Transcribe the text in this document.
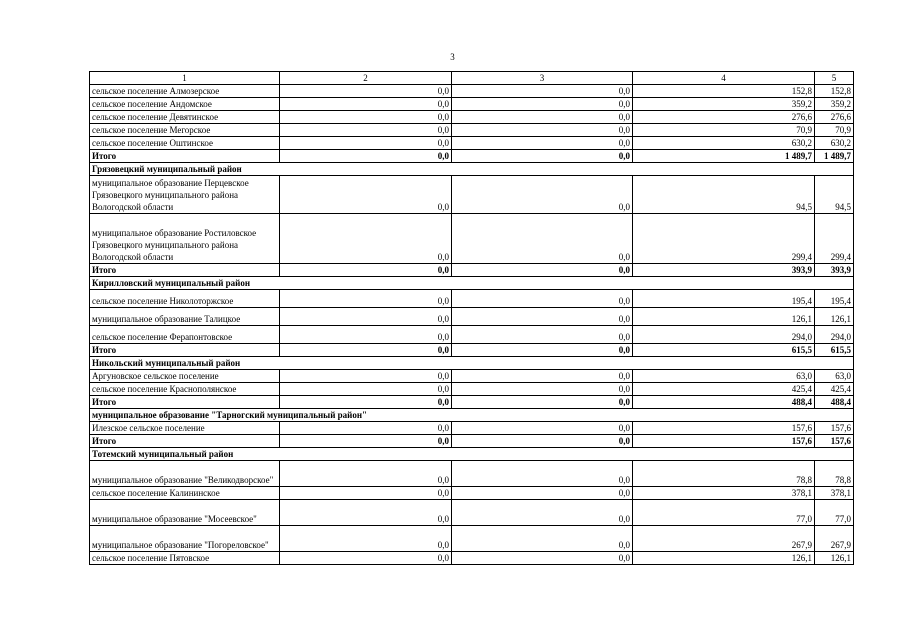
3
1	2	3	4	5
сельское поселение Алмозерское	0,0	0,0	152,8	152,8
сельское поселение Андомское	0,0	0,0	359,2	359,2
сельское поселение Девятинское	0,0	0,0	276,6	276,6
сельское поселение Мегорское	0,0	0,0	70,9	70,9
сельское поселение Оштинское	0,0	0,0	630,2	630,2
Итого	0,0	0,0	1 489,7	1 489,7
Грязовецкий муниципальный район				
муниципальное образование Перцевское Грязовецкого муниципального района Вологодской области	0,0	0,0	94,5	94,5
муниципальное образование Ростиловское Грязовецкого муниципального района Вологодской области	0,0	0,0	299,4	299,4
Итого	0,0	0,0	393,9	393,9
Кирилловский муниципальный район				
сельское поселение Николоторжское	0,0	0,0	195,4	195,4
муниципальное образование Талицкое	0,0	0,0	126,1	126,1
сельское поселение Ферапонтовское	0,0	0,0	294,0	294,0
Итого	0,0	0,0	615,5	615,5
Никольский муниципальный район				
Аргуновское сельское поселение	0,0	0,0	63,0	63,0
сельское поселение Краснополянское	0,0	0,0	425,4	425,4
Итого	0,0	0,0	488,4	488,4
муниципальное образование "Тарногский муниципальный район"				
Илезское сельское поселение	0,0	0,0	157,6	157,6
Итого	0,0	0,0	157,6	157,6
Тотемский муниципальный район				
муниципальное образование "Великодворское"	0,0	0,0	78,8	78,8
сельское поселение Калининское	0,0	0,0	378,1	378,1
муниципальное образование "Мосеевское"	0,0	0,0	77,0	77,0
муниципальное образование "Погореловское"	0,0	0,0	267,9	267,9
сельское поселение Пятовское	0,0	0,0	126,1	126,1
